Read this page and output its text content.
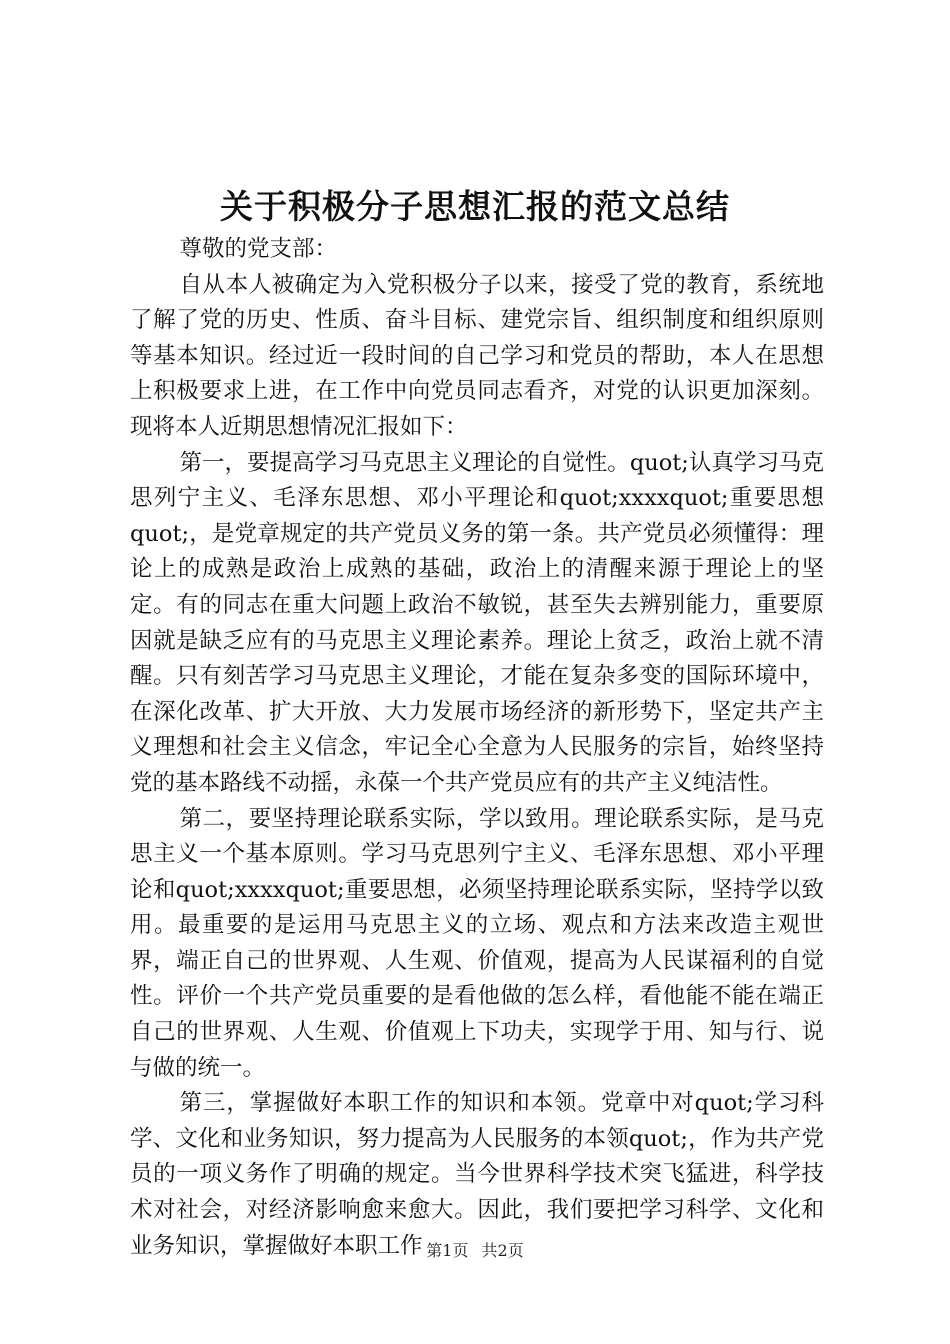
关于积极分子思想汇报的范文总结

尊敬的党支部：

自从本人被确定为入党积极分子以来，接受了党的教育，系统地了解了党的历史、性质、奋斗目标、建党宗旨、组织制度和组织原则等基本知识。经过近一段时间的自己学习和党员的帮助，本人在思想上积极要求上进，在工作中向党员同志看齐，对党的认识更加深刻。现将本人近期思想情况汇报如下：

第一，要提高学习马克思主义理论的自觉性。quot;认真学习马克思列宁主义、毛泽东思想、邓小平理论和quot;xxxxquot;重要思想quot;，是党章规定的共产党员义务的第一条。共产党员必须懂得：理论上的成熟是政治上成熟的基础，政治上的清醒来源于理论上的坚定。有的同志在重大问题上政治不敏锐，甚至失去辨别能力，重要原因就是缺乏应有的马克思主义理论素养。理论上贫乏，政治上就不清醒。只有刻苦学习马克思主义理论，才能在复杂多变的国际环境中，在深化改革、扩大开放、大力发展市场经济的新形势下，坚定共产主义理想和社会主义信念，牢记全心全意为人民服务的宗旨，始终坚持党的基本路线不动摇，永葆一个共产党员应有的共产主义纯洁性。

第二，要坚持理论联系实际，学以致用。理论联系实际，是马克思主义一个基本原则。学习马克思列宁主义、毛泽东思想、邓小平理论和quot;xxxxquot;重要思想，必须坚持理论联系实际，坚持学以致用。最重要的是运用马克思主义的立场、观点和方法来改造主观世界，端正自己的世界观、人生观、价值观，提高为人民谋福利的自觉性。评价一个共产党员重要的是看他做的怎么样，看他能不能在端正自己的世界观、人生观、价值观上下功夫，实现学于用、知与行、说与做的统一。

第三，掌握做好本职工作的知识和本领。党章中对quot;学习科学、文化和业务知识，努力提高为人民服务的本领quot;，作为共产党员的一项义务作了明确的规定。当今世界科学技术突飞猛进，科学技术对社会，对经济影响愈来愈大。因此，我们要把学习科学、文化和业务知识，掌握做好本职工作 第1页 共2页
